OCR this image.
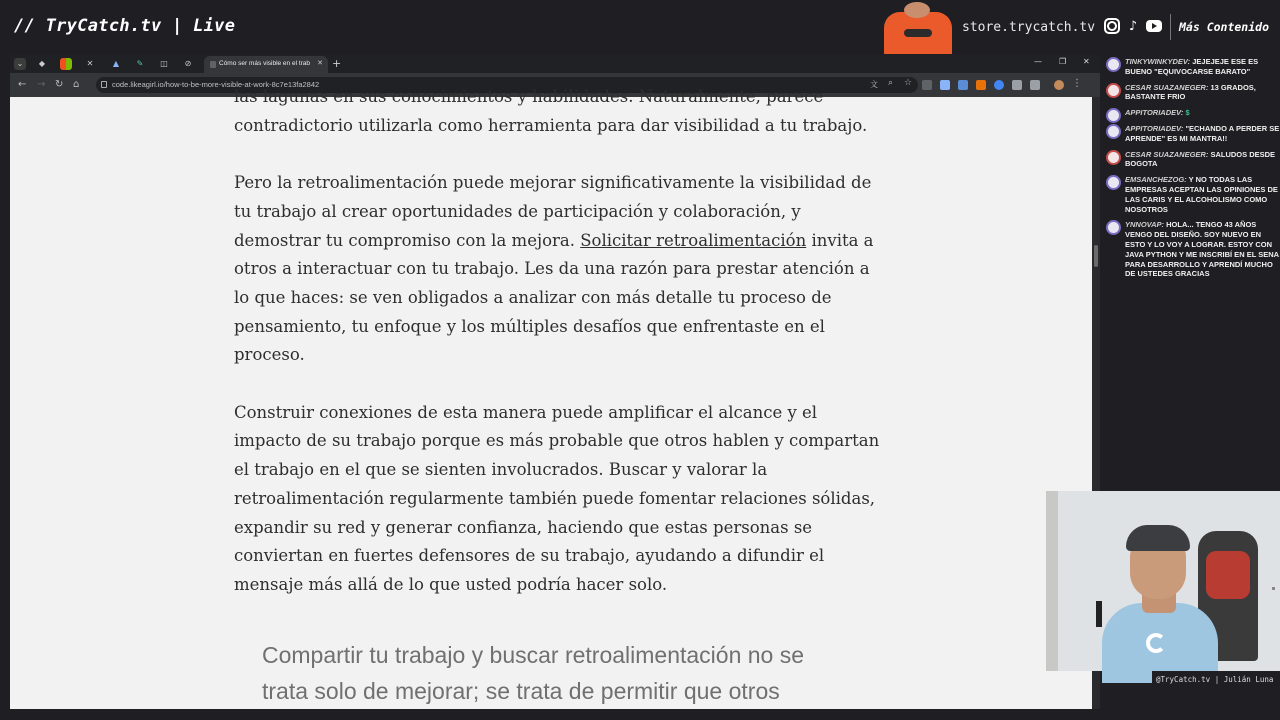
// TryCatch.tv | Live	store.trycatch.tv	♪	Más Contenido
⌄	◆	✕	▲	✎	◫	⊘	Cómo ser más visible en el trab ✕ +	— ❐ ✕
← → ↻ ⌂	code.likeagirl.io/how-to-be-more-visible-at-work-8c7e13fa2842	文 ⌕ ☆	⋮

las lagunas en sus conocimientos y habilidades. Naturalmente, parece
contradictorio utilizarla como herramienta para dar visibilidad a tu trabajo.

Pero la retroalimentación puede mejorar significativamente la visibilidad de
tu trabajo al crear oportunidades de participación y colaboración, y
demostrar tu compromiso con la mejora. Solicitar retroalimentación invita a
otros a interactuar con tu trabajo. Les da una razón para prestar atención a
lo que haces: se ven obligados a analizar con más detalle tu proceso de
pensamiento, tu enfoque y los múltiples desafíos que enfrentaste en el
proceso.

Construir conexiones de esta manera puede amplificar el alcance y el
impacto de su trabajo porque es más probable que otros hablen y compartan
el trabajo en el que se sienten involucrados. Buscar y valorar la
retroalimentación regularmente también puede fomentar relaciones sólidas,
expandir su red y generar confianza, haciendo que estas personas se
conviertan en fuertes defensores de su trabajo, ayudando a difundir el
mensaje más allá de lo que usted podría hacer solo.

Compartir tu trabajo y buscar retroalimentación no se
trata solo de mejorar; se trata de permitir que otros
TINKYWINKYDEV: JEJEJEJE ESE ES BUENO "EQUIVOCARSE BARATO"
CESAR SUAZANEGER: 13 GRADOS, BASTANTE FRIO
APPITORIADEV: $
APPITORIADEV: "ECHANDO A PERDER SE APRENDE" ES MI MANTRA!!
CESAR SUAZANEGER: SALUDOS DESDE BOGOTA
EMSANCHEZOG: Y NO TODAS LAS EMPRESAS ACEPTAN LAS OPINIONES DE LAS CARIS Y EL ALCOHOLISMO COMO NOSOTROS
YNNOVAP: HOLA... TENGO 43 AÑOS VENGO DEL DISEÑO. SOY NUEVO EN ESTO Y LO VOY A LOGRAR. ESTOY CON JAVA PYTHON Y ME INSCRIBÍ EN EL SENA PARA DESARROLLO Y APRENDÍ MUCHO DE USTEDES GRACIAS
@TryCatch.tv | Julián Luna
